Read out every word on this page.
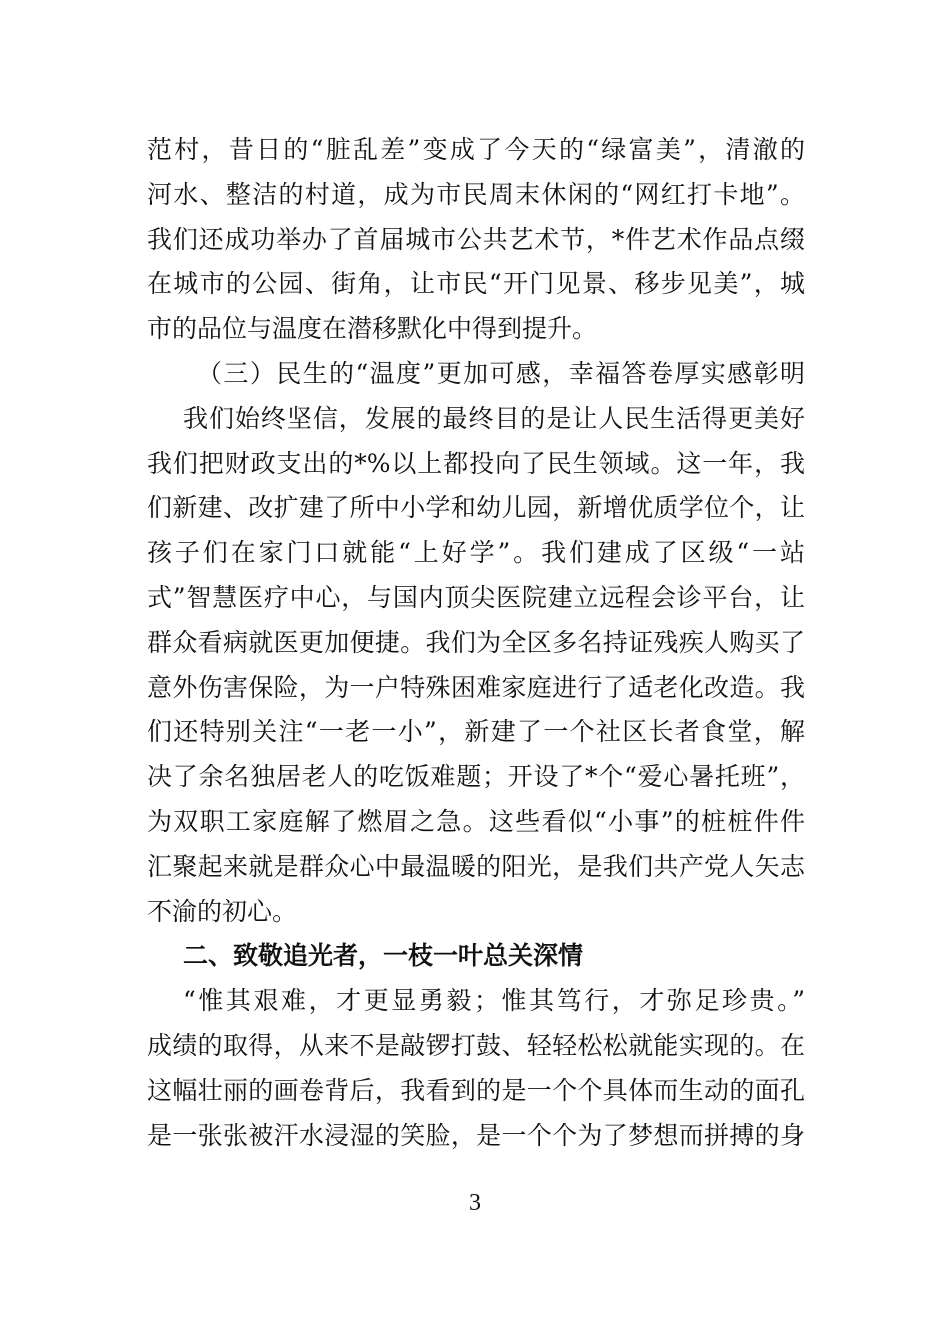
范村，昔日的“脏乱差”变成了今天的“绿富美”，清澈的
河水、整洁的村道，成为市民周末休闲的“网红打卡地”。
我们还成功举办了首届城市公共艺术节，*件艺术作品点缀
在城市的公园、街角，让市民“开门见景、移步见美”，城
市的品位与温度在潜移默化中得到提升。
（三）民生的“温度”更加可感，幸福答卷厚实感彰明
我们始终坚信，发展的最终目的是让人民生活得更美好
我们把财政支出的*%以上都投向了民生领域。这一年，我
们新建、改扩建了所中小学和幼儿园，新增优质学位个，让
孩子们在家门口就能“上好学”。我们建成了区级“一站
式”智慧医疗中心，与国内顶尖医院建立远程会诊平台，让
群众看病就医更加便捷。我们为全区多名持证残疾人购买了
意外伤害保险，为一户特殊困难家庭进行了适老化改造。我
们还特别关注“一老一小”，新建了一个社区长者食堂，解
决了余名独居老人的吃饭难题；开设了*个“爱心暑托班”，
为双职工家庭解了燃眉之急。这些看似“小事”的桩桩件件
汇聚起来就是群众心中最温暖的阳光，是我们共产党人矢志
不渝的初心。
二、致敬追光者，一枝一叶总关深情
“惟其艰难，才更显勇毅；惟其笃行，才弥足珍贵。”
成绩的取得，从来不是敲锣打鼓、轻轻松松就能实现的。在
这幅壮丽的画卷背后，我看到的是一个个具体而生动的面孔
是一张张被汗水浸湿的笑脸，是一个个为了梦想而拼搏的身
3
